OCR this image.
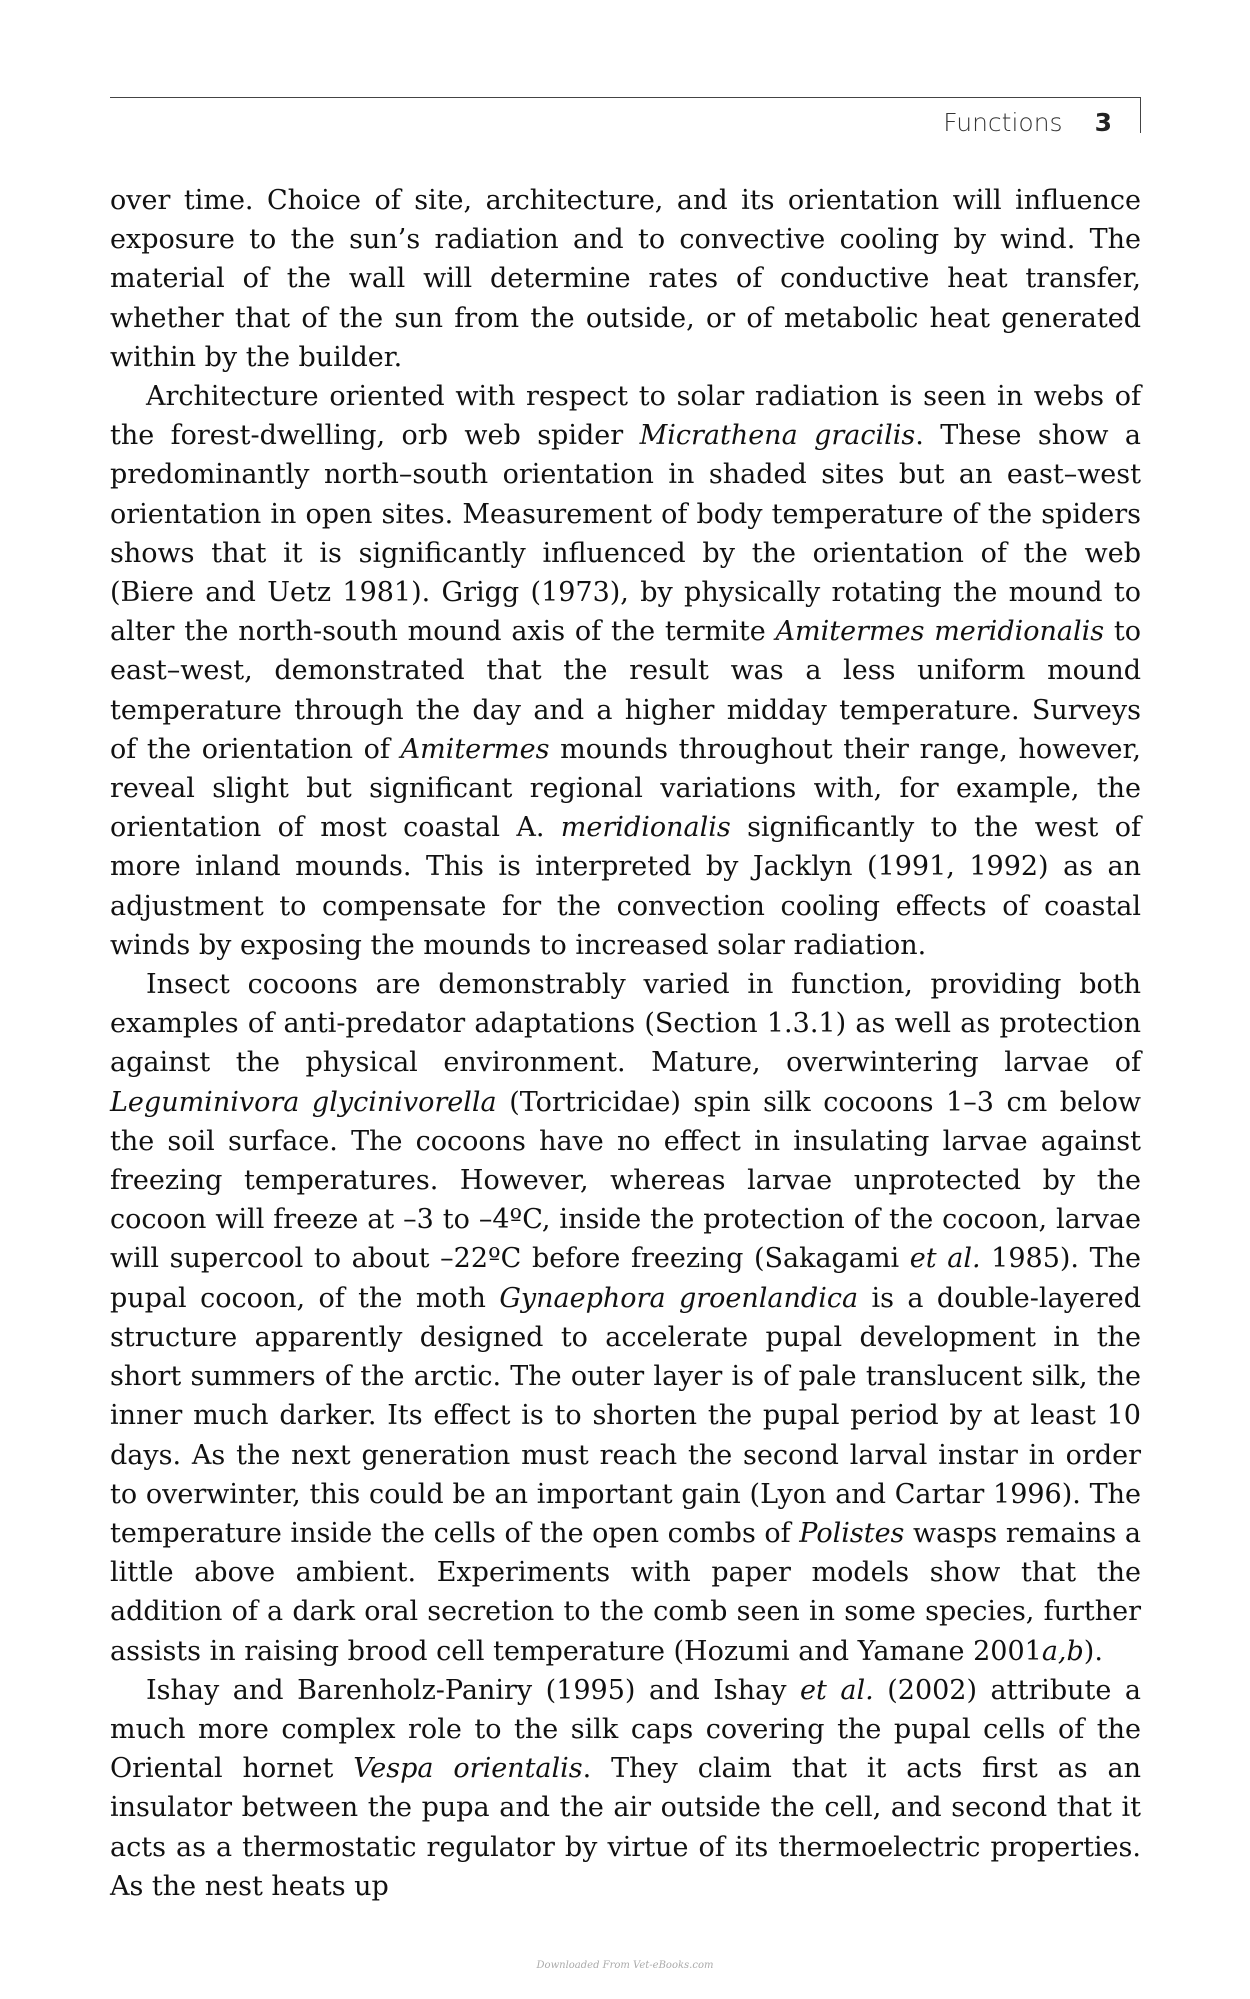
Functions 3

over time. Choice of site, architecture, and its orientation will influence exposure to the sun’s radiation and to convective cooling by wind. The material of the wall will determine rates of conductive heat transfer, whether that of the sun from the outside, or of metabolic heat generated within by the builder.

Architecture oriented with respect to solar radiation is seen in webs of the forest-dwelling, orb web spider Micrathena gracilis. These show a predominantly north–south orientation in shaded sites but an east–west orientation in open sites. Measurement of body temperature of the spiders shows that it is significantly influenced by the orientation of the web (Biere and Uetz 1981). Grigg (1973), by physically rotating the mound to alter the north-south mound axis of the termite Amitermes meridionalis to east–west, demonstrated that the result was a less uniform mound temperature through the day and a higher midday temperature. Surveys of the orientation of Amitermes mounds throughout their range, however, reveal slight but significant regional variations with, for example, the orientation of most coastal A. meridionalis significantly to the west of more inland mounds. This is interpreted by Jacklyn (1991, 1992) as an adjustment to compensate for the convection cooling effects of coastal winds by exposing the mounds to increased solar radiation.

Insect cocoons are demonstrably varied in function, providing both examples of anti-predator adaptations (Section 1.3.1) as well as protection against the physical environment. Mature, overwintering larvae of Leguminivora glycinivorella (Tortricidae) spin silk cocoons 1–3 cm below the soil surface. The cocoons have no effect in insulating larvae against freezing temperatures. However, whereas larvae unprotected by the cocoon will freeze at –3 to –4ºC, inside the protection of the cocoon, larvae will supercool to about –22ºC before freezing (Sakagami et al. 1985). The pupal cocoon, of the moth Gynaephora groenlandica is a double-layered structure apparently designed to accelerate pupal development in the short summers of the arctic. The outer layer is of pale translucent silk, the inner much darker. Its effect is to shorten the pupal period by at least 10 days. As the next generation must reach the second larval instar in order to overwinter, this could be an important gain (Lyon and Cartar 1996). The temperature inside the cells of the open combs of Polistes wasps remains a little above ambient. Experiments with paper models show that the addition of a dark oral secretion to the comb seen in some species, further assists in raising brood cell temperature (Hozumi and Yamane 2001a,b).

Ishay and Barenholz-Paniry (1995) and Ishay et al. (2002) attribute a much more complex role to the silk caps covering the pupal cells of the Oriental hornet Vespa orientalis. They claim that it acts first as an insulator between the pupa and the air outside the cell, and second that it acts as a thermostatic regulator by virtue of its thermoelectric properties. As the nest heats up

Downloaded From Vet-eBooks.com
